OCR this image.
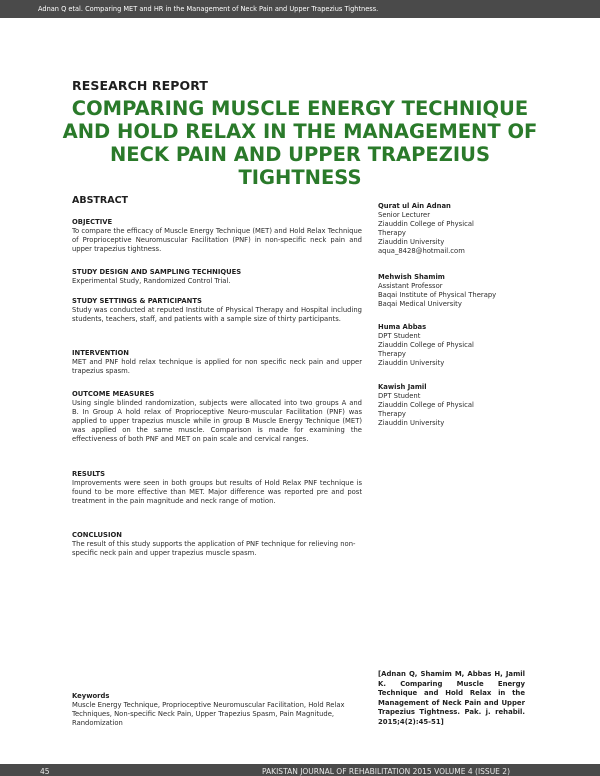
Adnan Q etal. Comparing MET and HR in the Management of Neck Pain and Upper Trapezius Tightness.
RESEARCH REPORT
COMPARING MUSCLE ENERGY TECHNIQUE
AND HOLD RELAX IN THE MANAGEMENT OF
NECK PAIN AND UPPER TRAPEZIUS
TIGHTNESS
ABSTRACT
OBJECTIVE
To compare the efficacy of Muscle Energy Technique (MET) and Hold Relax Technique of Proprioceptive Neuromuscular Facilitation (PNF) in non-specific neck pain and upper trapezius tightness.
STUDY DESIGN AND SAMPLING TECHNIQUES
Experimental Study, Randomized Control Trial.
STUDY SETTINGS & PARTICIPANTS
Study was conducted at reputed Institute of Physical Therapy and Hospital including students, teachers, staff, and patients with a sample size of thirty participants.
INTERVENTION
MET and PNF hold relax technique is applied for non specific neck pain and upper trapezius spasm.
OUTCOME MEASURES
Using single blinded randomization, subjects were allocated into two groups A and B. In Group A hold relax of Proprioceptive Neuro-muscular Facilitation (PNF) was applied to upper trapezius muscle while in group B Muscle Energy Technique (MET) was applied on the same muscle. Comparison is made for examining the effectiveness of both PNF and MET on pain scale and cervical ranges.
RESULTS
Improvements were seen in both groups but results of Hold Relax PNF technique is found to be more effective than MET. Major difference was reported pre and post treatment in the pain magnitude and neck range of motion.
CONCLUSION
The result of this study supports the application of PNF technique for relieving non-specific neck pain and upper trapezius muscle spasm.
Qurat ul Ain Adnan
Senior Lecturer
Ziauddin College of Physical
Therapy
Ziauddin University
aqua_8428@hotmail.com
Mehwish Shamim
Assistant Professor
Baqai Institute of Physical Therapy
Baqai Medical University
Huma Abbas
DPT Student
Ziauddin College of Physical
Therapy
Ziauddin University
Kawish Jamil
DPT Student
Ziauddin College of Physical
Therapy
Ziauddin University
[Adnan Q, Shamim M, Abbas H, Jamil K. Comparing Muscle Energy Technique and Hold Relax in the Management of Neck Pain and Upper Trapezius Tightness. Pak. j. rehabil. 2015;4(2):45-51]
Keywords
Muscle Energy Technique, Proprioceptive Neuromuscular Facilitation, Hold Relax Techniques, Non-specific Neck Pain, Upper Trapezius Spasm, Pain Magnitude, Randomization
45	PAKISTAN JOURNAL OF REHABILITATION 2015 VOLUME 4 (ISSUE 2)
